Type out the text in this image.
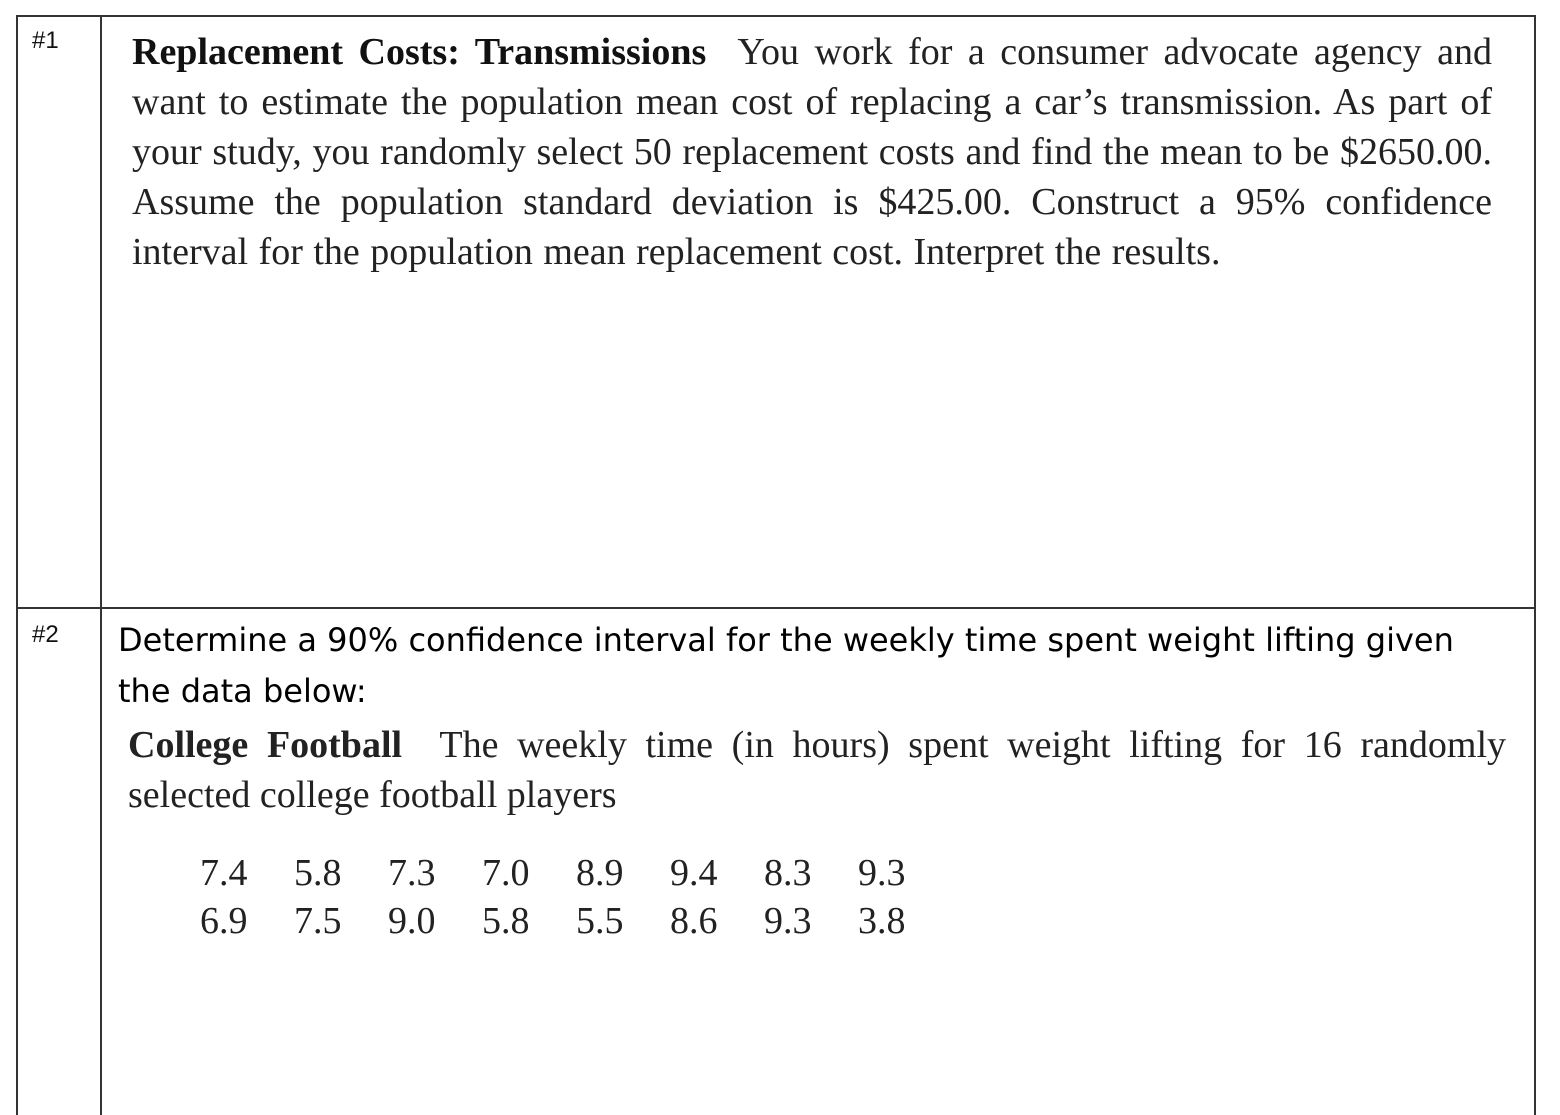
#1 Replacement Costs: Transmissions You work for a consumer advocate agency and want to estimate the population mean cost of replacing a car’s transmission. As part of your study, you randomly select 50 replacement costs and find the mean to be $2650.00. Assume the population standard deviation is $425.00. Construct a 95% confidence interval for the population mean replacement cost. Interpret the results.
#2 Determine a 90% confidence interval for the weekly time spent weight lifting given the data below:
College Football The weekly time (in hours) spent weight lifting for 16 randomly selected college football players
7.4	5.8	7.3	7.0	8.9	9.4	8.3	9.3
6.9	7.5	9.0	5.8	5.5	8.6	9.3	3.8
